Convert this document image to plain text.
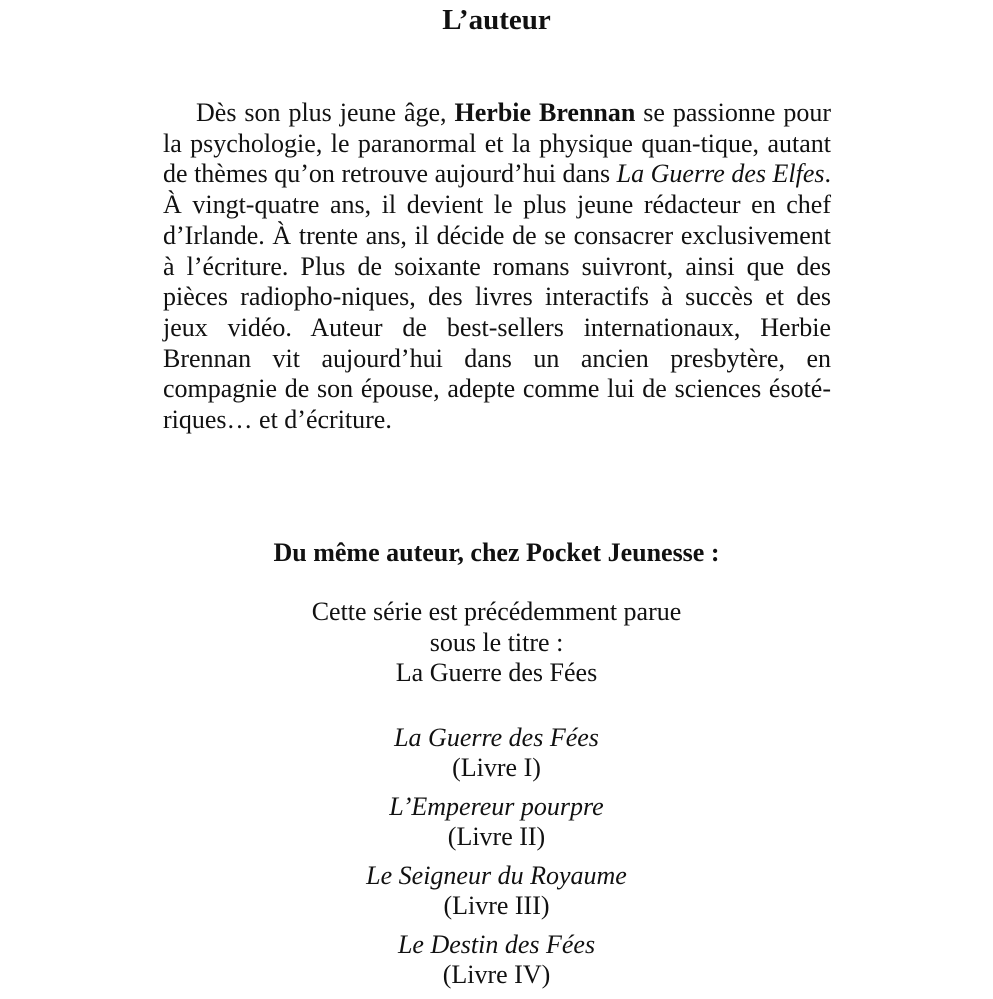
L’auteur

Dès son plus jeune âge, Herbie Brennan se passionne pour la psychologie, le paranormal et la physique quan-tique, autant de thèmes qu’on retrouve aujourd’hui dans La Guerre des Elfes. À vingt-quatre ans, il devient le plus jeune rédacteur en chef d’Irlande. À trente ans, il décide de se consacrer exclusivement à l’écriture. Plus de soixante romans suivront, ainsi que des pièces radiopho-niques, des livres interactifs à succès et des jeux vidéo. Auteur de best-sellers internationaux, Herbie Brennan vit aujourd’hui dans un ancien presbytère, en compagnie de son épouse, adepte comme lui de sciences ésoté-riques… et d’écriture.

Du même auteur, chez Pocket Jeunesse :
Cette série est précédemment parue
sous le titre :
La Guerre des Fées
La Guerre des Fées
(Livre I)
L’Empereur pourpre
(Livre II)
Le Seigneur du Royaume
(Livre III)
Le Destin des Fées
(Livre IV)
